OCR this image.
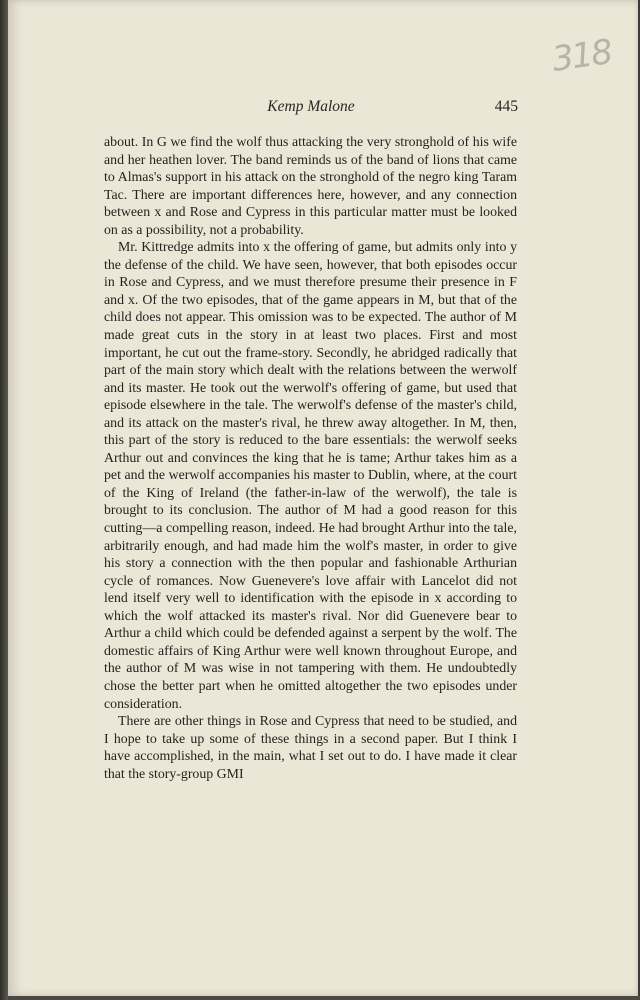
318
Kemp Malone	445

about. In G we find the wolf thus attacking the very stronghold of his wife and her heathen lover. The band reminds us of the band of lions that came to Almas's support in his attack on the stronghold of the negro king Taram Tac. There are important differences here, however, and any connection between x and Rose and Cypress in this particular matter must be looked on as a possibility, not a probability.

Mr. Kittredge admits into x the offering of game, but admits only into y the defense of the child. We have seen, however, that both episodes occur in Rose and Cypress, and we must therefore presume their presence in F and x. Of the two episodes, that of the game appears in M, but that of the child does not appear. This omission was to be expected. The author of M made great cuts in the story in at least two places. First and most important, he cut out the frame-story. Secondly, he abridged radically that part of the main story which dealt with the relations between the werwolf and its master. He took out the werwolf's offering of game, but used that episode elsewhere in the tale. The werwolf's defense of the master's child, and its attack on the master's rival, he threw away altogether. In M, then, this part of the story is reduced to the bare essentials: the werwolf seeks Arthur out and convinces the king that he is tame; Arthur takes him as a pet and the werwolf accompanies his master to Dublin, where, at the court of the King of Ireland (the father-in-law of the werwolf), the tale is brought to its conclusion. The author of M had a good reason for this cutting—a compelling reason, indeed. He had brought Arthur into the tale, arbitrarily enough, and had made him the wolf's master, in order to give his story a connection with the then popular and fashionable Arthurian cycle of romances. Now Guenevere's love affair with Lancelot did not lend itself very well to identification with the episode in x according to which the wolf attacked its master's rival. Nor did Guenevere bear to Arthur a child which could be defended against a serpent by the wolf. The domestic affairs of King Arthur were well known throughout Europe, and the author of M was wise in not tampering with them. He undoubtedly chose the better part when he omitted altogether the two episodes under consideration.

There are other things in Rose and Cypress that need to be studied, and I hope to take up some of these things in a second paper. But I think I have accomplished, in the main, what I set out to do. I have made it clear that the story-group GMI
